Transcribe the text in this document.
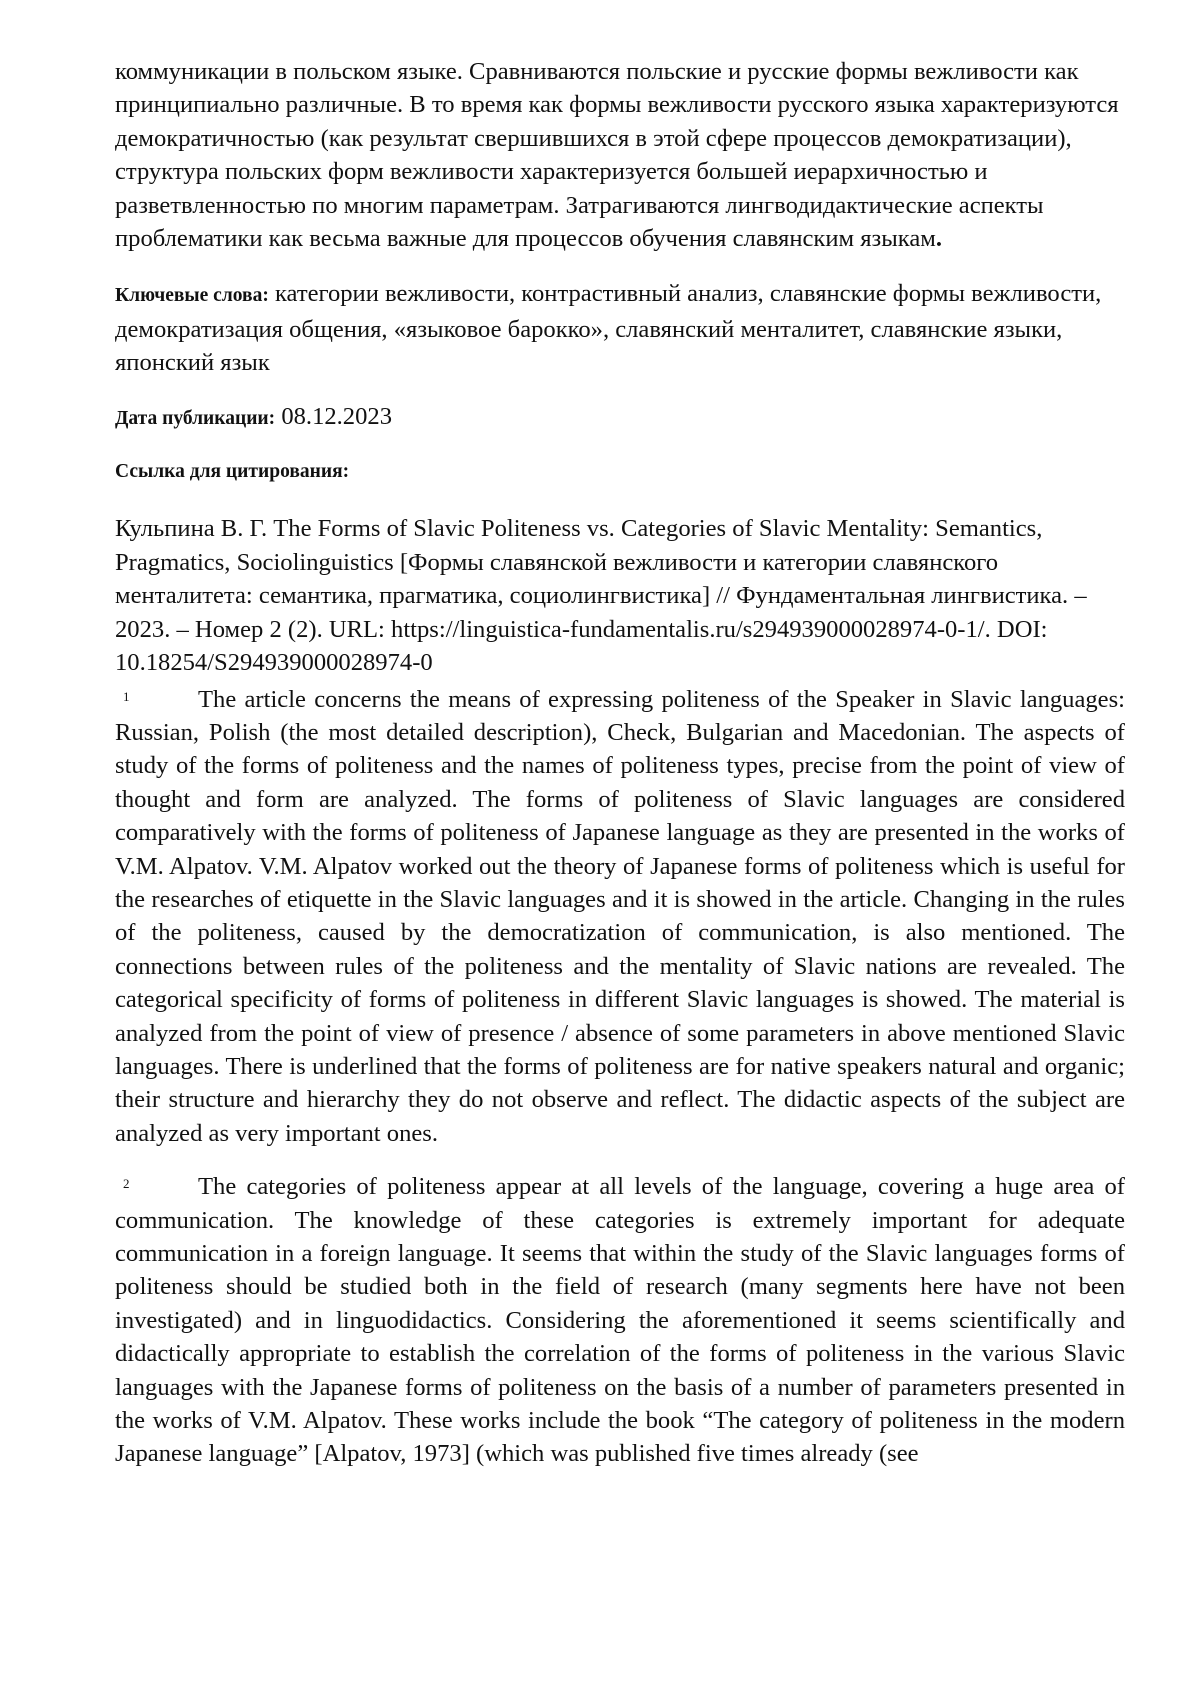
коммуникации в польском языке. Сравниваются польские и русские формы вежливости как принципиально различные. В то время как формы вежливости русского языка характеризуются демократичностью (как результат свершившихся в этой сфере процессов демократизации), структура польских форм вежливости характеризуется большей иерархичностью и разветвленностью по многим параметрам. Затрагиваются лингводидактические аспекты проблематики как весьма важные для процессов обучения славянским языкам.

Ключевые слова: категории вежливости, контрастивный анализ, славянские формы вежливости, демократизация общения, «языковое барокко», славянский менталитет, славянские языки, японский язык

Дата публикации: 08.12.2023

Ссылка для цитирования:

Кульпина В. Г. The Forms of Slavic Politeness vs. Categories of Slavic Mentality: Semantics, Pragmatics, Sociolinguistics [Формы славянской вежливости и категории славянского менталитета: семантика, прагматика, социолингвистика] // Фундаментальная лингвистика. – 2023. – Номер 2 (2). URL: https://linguistica-fundamentalis.ru/s294939000028974-0-1/. DOI: 10.18254/S294939000028974-0

1	The article concerns the means of expressing politeness of the Speaker in Slavic languages: Russian, Polish (the most detailed description), Check, Bulgarian and Macedonian. The aspects of study of the forms of politeness and the names of politeness types, precise from the point of view of thought and form are analyzed. The forms of politeness of Slavic languages are considered comparatively with the forms of politeness of Japanese language as they are presented in the works of V.M. Alpatov. V.M. Alpatov worked out the theory of Japanese forms of politeness which is useful for the researches of etiquette in the Slavic languages and it is showed in the article. Changing in the rules of the politeness, caused by the democratization of communication, is also mentioned. The connections between rules of the politeness and the mentality of Slavic nations are revealed. The categorical specificity of forms of politeness in different Slavic languages is showed. The material is analyzed from the point of view of presence / absence of some parameters in above mentioned Slavic languages. There is underlined that the forms of politeness are for native speakers natural and organic; their structure and hierarchy they do not observe and reflect. The didactic aspects of the subject are analyzed as very important ones.

2	The categories of politeness appear at all levels of the language, covering a huge area of communication. The knowledge of these categories is extremely important for adequate communication in a foreign language. It seems that within the study of the Slavic languages forms of politeness should be studied both in the field of research (many segments here have not been investigated) and in linguodidactics. Considering the aforementioned it seems scientifically and didactically appropriate to establish the correlation of the forms of politeness in the various Slavic languages with the Japanese forms of politeness on the basis of a number of parameters presented in the works of V.M. Alpatov. These works include the book “The category of politeness in the modern Japanese language” [Alpatov, 1973] (which was published five times already (see
